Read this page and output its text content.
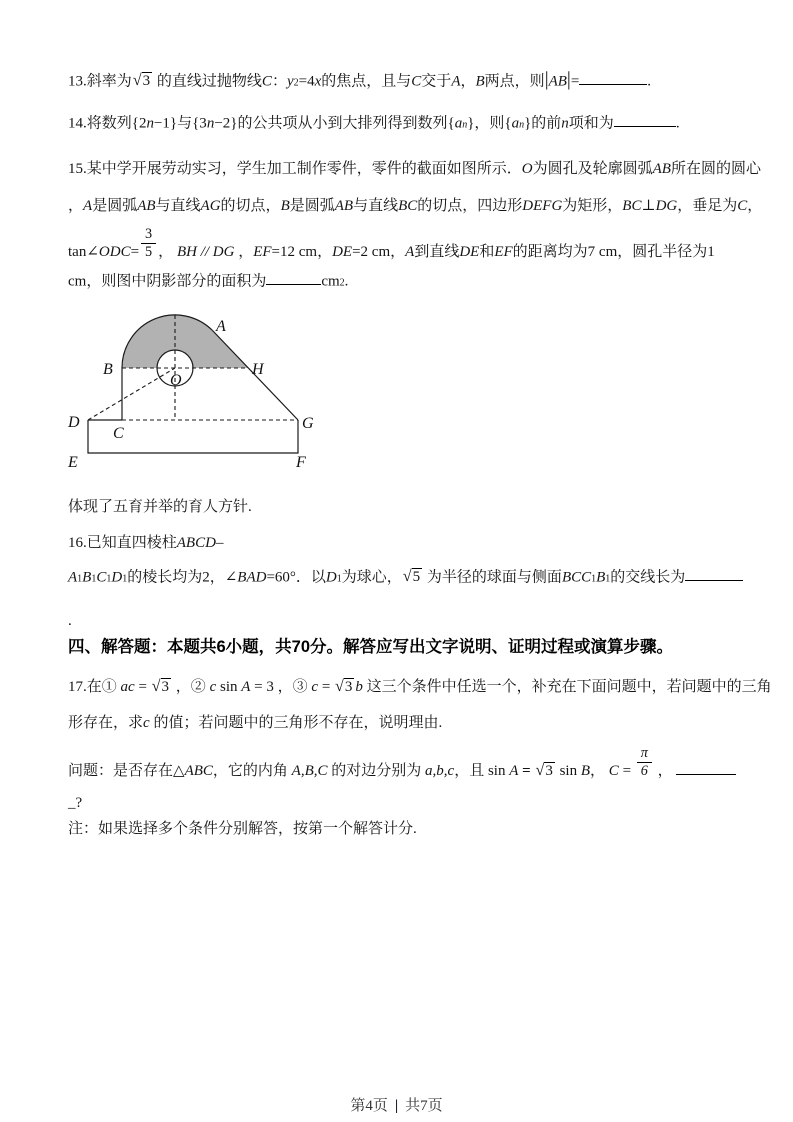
13.斜率为√3 的直线过抛物线C：y2=4x的焦点，且与C交于A，B两点，则|AB|=	.
14.将数列{2n−1}与{3n−2}的公共项从小到大排列得到数列{an}，则{an}的前n项和为	.
15.某中学开展劳动实习，学生加工制作零件，零件的截面如图所示．O为圆孔及轮廓圆弧AB所在圆的圆心
，A是圆弧AB与直线AG的切点，B是圆弧AB与直线BC的切点，四边形DEFG为矩形，BC⊥DG，垂足为C，
tan∠ODC= $\frac{3}{5}$ ， BH // DG ，EF=12 cm，DE=2 cm，A到直线DE和EF的距离均为7 cm，圆孔半径为1
cm，则图中阴影部分的面积为	cm2.
体现了五育并举的育人方针.
16.已知直四棱柱ABCD–
A1B1C1D1的棱长均为2，∠BAD=60°．以D1为球心，√5 为半径的球面与侧面BCC1B1的交线长为
.
四、解答题：本题共6小题，共70分。解答应写出文字说明、证明过程或演算步骤。
17.在① ac = √3 ，② c sin A = 3 ，③ c = √3 b 这三个条件中任选一个，补充在下面问题中，若问题中的三角
形存在，求c 的值；若问题中的三角形不存在，说明理由.
问题：是否存在△ABC，它的内角 A,B,C 的对边分别为 a,b,c，且 sin A = √3 sin B， $C = \frac{\pi}{6}$ ，
_?
注：如果选择多个条件分别解答，按第一个解答计分.
A
B	H
O
D
C
G
E	F
第4页 | 共7页
